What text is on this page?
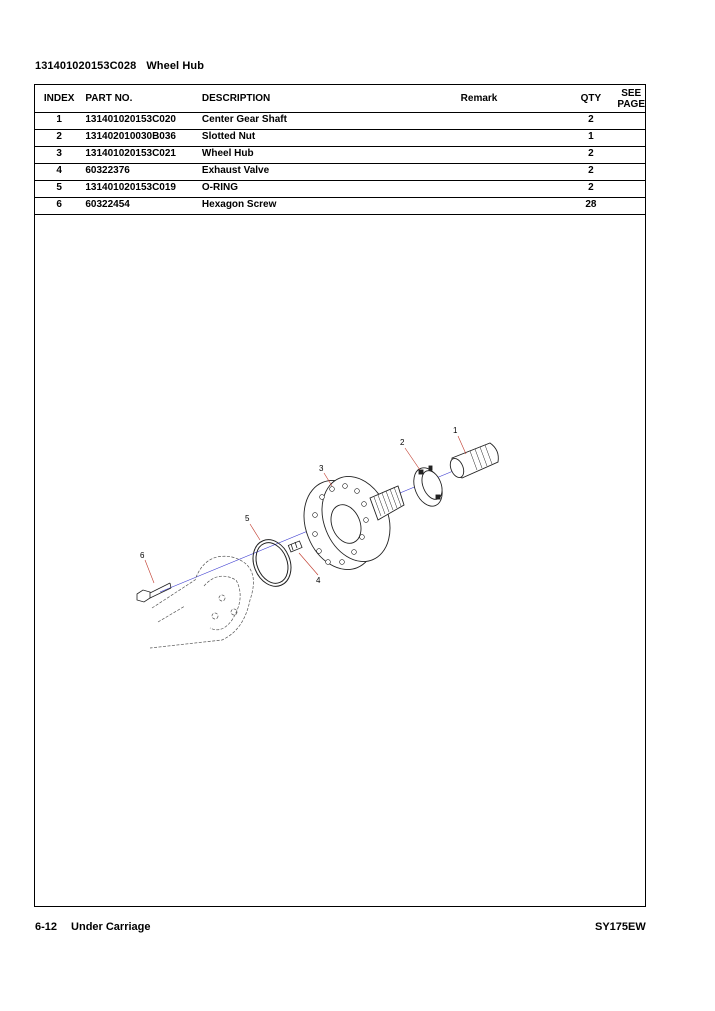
131401020153C028 Wheel Hub
INDEX	PART NO.	DESCRIPTION	Remark	QTY	SEE
PAGE
1	131401020153C020	Center Gear Shaft		2	
2	131402010030B036	Slotted Nut		1	
3	131401020153C021	Wheel Hub		2	
4	60322376	Exhaust Valve		2	
5	131401020153C019	O-RING		2	
6	60322454	Hexagon Screw		28	
1
2
3
4
5
6
6-12 Under Carriage	SY175EW
